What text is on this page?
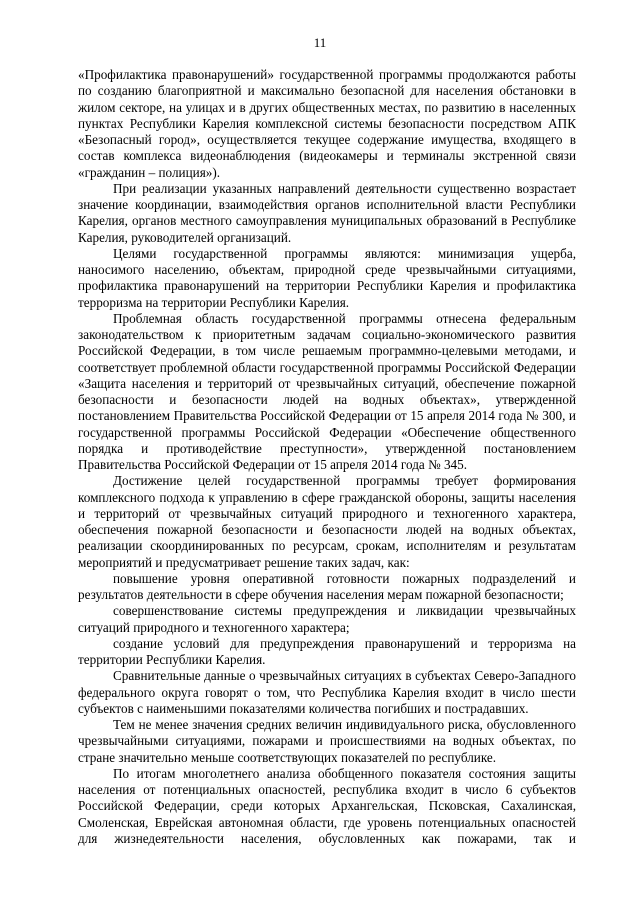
11

«Профилактика правонарушений» государственной программы продолжаются работы по созданию благоприятной и максимально безопасной для населения обстановки в жилом секторе, на улицах и в других общественных местах, по развитию в населенных пунктах Республики Карелия комплексной системы безопасности посредством АПК «Безопасный город», осуществляется текущее содержание имущества, входящего в состав комплекса видеонаблюдения (видеокамеры и терминалы экстренной связи «гражданин – полиция»).

При реализации указанных направлений деятельности существенно возрастает значение координации, взаимодействия органов исполнительной власти Республики Карелия, органов местного самоуправления муниципальных образований в Республике Карелия, руководителей организаций.

Целями государственной программы являются: минимизация ущерба, наносимого населению, объектам, природной среде чрезвычайными ситуациями, профилактика правонарушений на территории Республики Карелия и профилактика терроризма на территории Республики Карелия.

Проблемная область государственной программы отнесена федеральным законодательством к приоритетным задачам социально-экономического развития Российской Федерации, в том числе решаемым программно-целевыми методами, и соответствует проблемной области государственной программы Российской Федерации «Защита населения и территорий от чрезвычайных ситуаций, обеспечение пожарной безопасности и безопасности людей на водных объектах», утвержденной постановлением Правительства Российской Федерации от 15 апреля 2014 года № 300, и государственной программы Российской Федерации «Обеспечение общественного порядка и противодействие преступности», утвержденной постановлением Правительства Российской Федерации от 15 апреля 2014 года № 345.

Достижение целей государственной программы требует формирования комплексного подхода к управлению в сфере гражданской обороны, защиты населения и территорий от чрезвычайных ситуаций природного и техногенного характера, обеспечения пожарной безопасности и безопасности людей на водных объектах, реализации скоординированных по ресурсам, срокам, исполнителям и результатам мероприятий и предусматривает решение таких задач, как:

повышение уровня оперативной готовности пожарных подразделений и результатов деятельности в сфере обучения населения мерам пожарной безопасности;

совершенствование системы предупреждения и ликвидации чрезвычайных ситуаций природного и техногенного характера;

создание условий для предупреждения правонарушений и терроризма на территории Республики Карелия.

Сравнительные данные о чрезвычайных ситуациях в субъектах Северо-Западного федерального округа говорят о том, что Республика Карелия входит в число шести субъектов с наименьшими показателями количества погибших и пострадавших.

Тем не менее значения средних величин индивидуального риска, обусловленного чрезвычайными ситуациями, пожарами и происшествиями на водных объектах, по стране значительно меньше соответствующих показателей по республике.

По итогам многолетнего анализа обобщенного показателя состояния защиты населения от потенциальных опасностей, республика входит в число 6 субъектов Российской Федерации, среди которых Архангельская, Псковская, Сахалинская, Смоленская, Еврейская автономная области, где уровень потенциальных опасностей для жизнедеятельности населения, обусловленных как пожарами, так и
